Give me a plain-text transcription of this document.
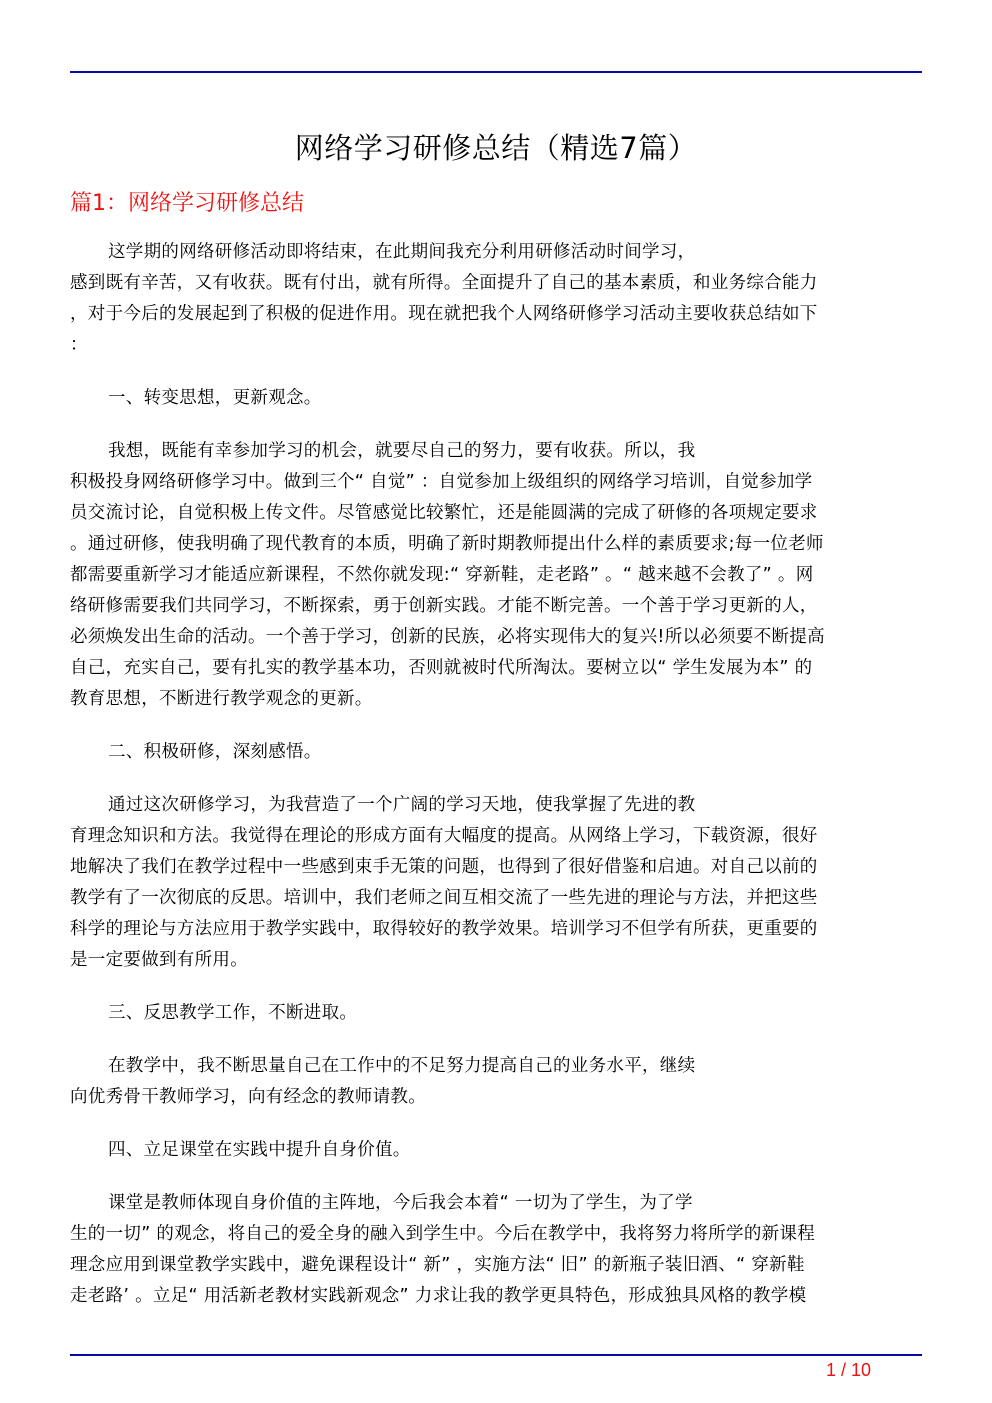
网络学习研修总结（精选7篇）
篇1：网络学习研修总结
这学期的网络研修活动即将结束，在此期间我充分利用研修活动时间学习，
感到既有辛苦，又有收获。既有付出，就有所得。全面提升了自己的基本素质，和业务综合能力
，对于今后的发展起到了积极的促进作用。现在就把我个人网络研修学习活动主要收获总结如下
：
一、转变思想，更新观念。
我想，既能有幸参加学习的机会，就要尽自己的努力，要有收获。所以，我
积极投身网络研修学习中。做到三个“ 自觉” ：自觉参加上级组织的网络学习培训，自觉参加学
员交流讨论，自觉积极上传文件。尽管感觉比较繁忙，还是能圆满的完成了研修的各项规定要求
。通过研修，使我明确了现代教育的本质，明确了新时期教师提出什么样的素质要求;每一位老师
都需要重新学习才能适应新课程，不然你就发现:“ 穿新鞋，走老路” 。“ 越来越不会教了” 。网
络研修需要我们共同学习，不断探索，勇于创新实践。才能不断完善。一个善于学习更新的人，
必须焕发出生命的活动。一个善于学习，创新的民族，必将实现伟大的复兴!所以必须要不断提高
自己，充实自己，要有扎实的教学基本功，否则就被时代所淘汰。要树立以“ 学生发展为本” 的
教育思想，不断进行教学观念的更新。
二、积极研修，深刻感悟。
通过这次研修学习，为我营造了一个广阔的学习天地，使我掌握了先进的教
育理念知识和方法。我觉得在理论的形成方面有大幅度的提高。从网络上学习，下载资源，很好
地解决了我们在教学过程中一些感到束手无策的问题，也得到了很好借鉴和启迪。对自己以前的
教学有了一次彻底的反思。培训中，我们老师之间互相交流了一些先进的理论与方法，并把这些
科学的理论与方法应用于教学实践中，取得较好的教学效果。培训学习不但学有所获，更重要的
是一定要做到有所用。
三、反思教学工作，不断进取。
在教学中，我不断思量自己在工作中的不足努力提高自己的业务水平，继续
向优秀骨干教师学习，向有经念的教师请教。
四、立足课堂在实践中提升自身价值。
课堂是教师体现自身价值的主阵地，今后我会本着“ 一切为了学生，为了学
生的一切” 的观念，将自己的爱全身的融入到学生中。今后在教学中，我将努力将所学的新课程
理念应用到课堂教学实践中，避免课程设计“ 新” ，实施方法“ 旧” 的新瓶子装旧酒、“ 穿新鞋
走老路’ 。立足“ 用活新老教材实践新观念” 力求让我的教学更具特色，形成独具风格的教学模
1 / 10
